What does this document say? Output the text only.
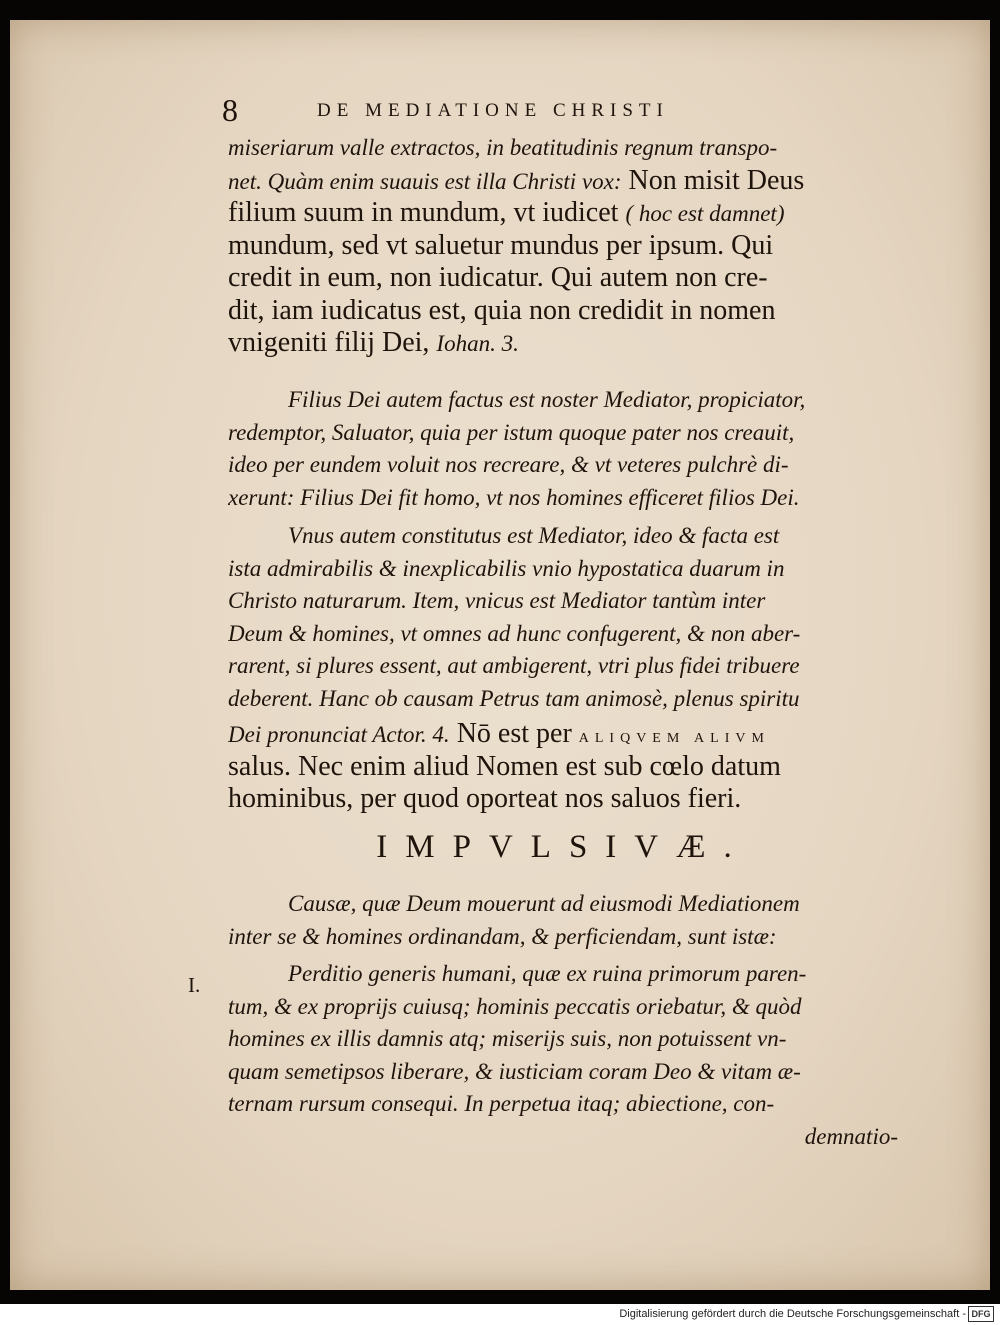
8	DE MEDIATIONE CHRISTI
miseriarum valle extractos, in beatitudinis regnum transpo-
net. Quàm enim suauis est illa Christi vox: Non misit Deus
filium suum in mundum, vt iudicet ( hoc est damnet)
mundum, sed vt saluetur mundus per ipsum. Qui
credit in eum, non iudicatur. Qui autem non cre-
dit, iam iudicatus est, quia non credidit in nomen
vnigeniti filij Dei, Iohan. 3.
Filius Dei autem factus est noster Mediator, propiciator,
redemptor, Saluator, quia per istum quoque pater nos creauit,
ideo per eundem voluit nos recreare, & vt veteres pulchrè di-
xerunt: Filius Dei fit homo, vt nos homines efficeret filios Dei.
Vnus autem constitutus est Mediator, ideo & facta est
ista admirabilis & inexplicabilis vnio hypostatica duarum in
Christo naturarum. Item, vnicus est Mediator tantùm inter
Deum & homines, vt omnes ad hunc confugerent, & non aber-
rarent, si plures essent, aut ambigerent, vtri plus fidei tribuere
deberent. Hanc ob causam Petrus tam animosè, plenus spiritu
Dei pronunciat Actor. 4. Nō est per ALIQVEM ALIVM
salus. Nec enim aliud Nomen est sub cœlo datum
hominibus, per quod oporteat nos saluos fieri.
IMPVLSIVÆ.
Causæ, quæ Deum mouerunt ad eiusmodi Mediationem
inter se & homines ordinandam, & perficiendam, sunt istæ:
I.	Perditio generis humani, quæ ex ruina primorum paren-
tum, & ex proprijs cuiusq; hominis peccatis oriebatur, & quòd
homines ex illis damnis atq; miserijs suis, non potuissent vn-
quam semetipsos liberare, & iusticiam coram Deo & vitam æ-
ternam rursum consequi. In perpetua itaq; abiectione, con-
demnatio-
Digitalisierung gefördert durch die Deutsche Forschungsgemeinschaft - DFG
